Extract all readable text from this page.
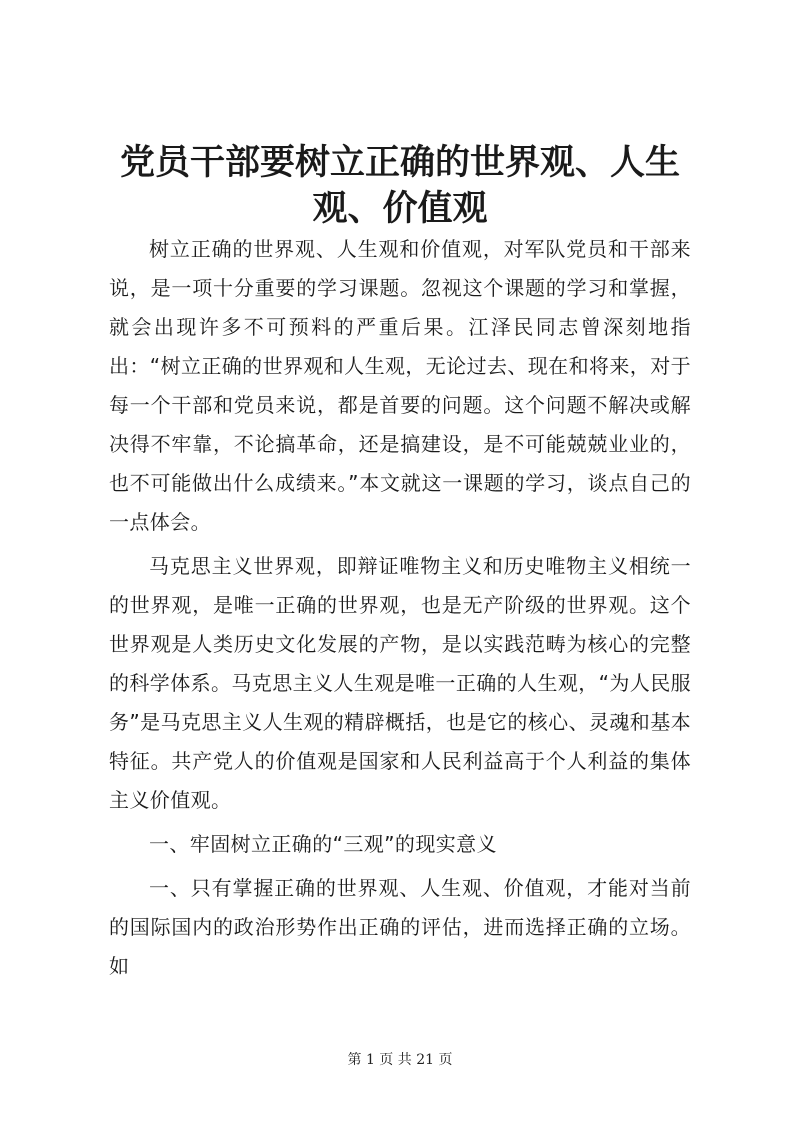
党员干部要树立正确的世界观、人生观、价值观

树立正确的世界观、人生观和价值观，对军队党员和干部来说，是一项十分重要的学习课题。忽视这个课题的学习和掌握，就会出现许多不可预料的严重后果。江泽民同志曾深刻地指出：“树立正确的世界观和人生观，无论过去、现在和将来，对于每一个干部和党员来说，都是首要的问题。这个问题不解决或解决得不牢靠，不论搞革命，还是搞建设，是不可能兢兢业业的，也不可能做出什么成绩来。”本文就这一课题的学习，谈点自己的一点体会。

马克思主义世界观，即辩证唯物主义和历史唯物主义相统一的世界观，是唯一正确的世界观，也是无产阶级的世界观。这个世界观是人类历史文化发展的产物，是以实践范畴为核心的完整的科学体系。马克思主义人生观是唯一正确的人生观，“为人民服务”是马克思主义人生观的精辟概括，也是它的核心、灵魂和基本特征。共产党人的价值观是国家和人民利益高于个人利益的集体主义价值观。

一、牢固树立正确的“三观”的现实意义

一、只有掌握正确的世界观、人生观、价值观，才能对当前的国际国内的政治形势作出正确的评估，进而选择正确的立场。如

第 1 页 共 21 页
